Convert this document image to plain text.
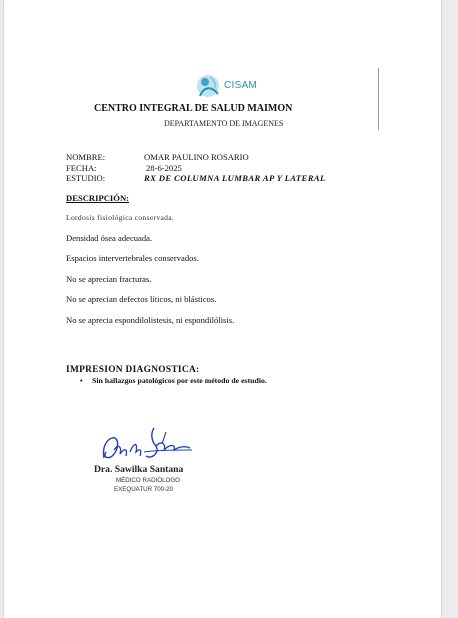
CISAM
CENTRO INTEGRAL DE SALUD MAIMON
DEPARTAMENTO DE IMAGENES
NOMBRE:	OMAR PAULINO ROSARIO
FECHA:	28-6-2025
ESTUDIO:	RX DE COLUMNA LUMBAR AP Y LATERAL
DESCRIPCIÓN:
Lordosis fisiológica conservada.
Densidad ósea adecuada.
Espacios intervertebrales conservados.
No se aprecian fracturas.
No se aprecian defectos líticos, ni blásticos.
No se aprecia espondilolistesis, ni espondilólisis.
IMPRESION DIAGNOSTICA:
• Sin hallazgos patológicos por este método de estudio.
Dra. Sawilka Santana
MÉDICO RADIÓLOGO
EXEQUATUR 700-20
